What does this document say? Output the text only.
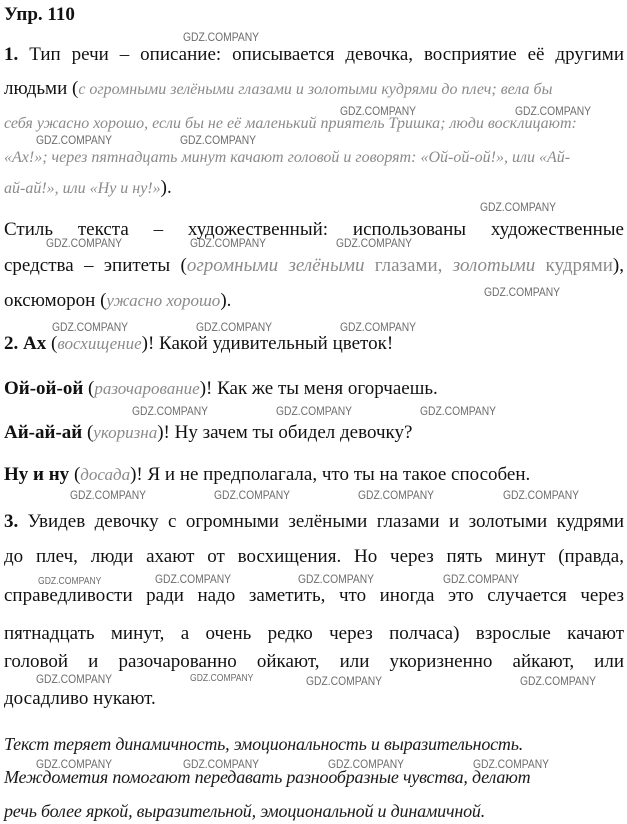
Упр. 110
1. Тип речи – описание: описывается девочка, восприятие её другими
людьми (с огромными зелёными глазами и золотыми кудрями до плеч; вела бы
себя ужасно хорошо, если бы не её маленький приятель Тришка; люди восклицают:
«Ах!»; через пятнадцать минут качают головой и говорят: «Ой-ой-ой!», или «Ай-
ай-ай!», или «Ну и ну!»).
Стиль текста – художественный: использованы художественные
средства – эпитеты (огромными зелёными глазами, золотыми кудрями),
оксюморон (ужасно хорошо).
2. Ах (восхищение)! Какой удивительный цветок!
Ой-ой-ой (разочарование)! Как же ты меня огорчаешь.
Ай-ай-ай (укоризна)! Ну зачем ты обидел девочку?
Ну и ну (досада)! Я и не предполагала, что ты на такое способен.
3. Увидев девочку с огромными зелёными глазами и золотыми кудрями
до плеч, люди ахают от восхищения. Но через пять минут (правда,
справедливости ради надо заметить, что иногда это случается через
пятнадцать минут, а очень редко через полчаса) взрослые качают
головой и разочарованно ойкают, или укоризненно айкают, или
досадливо нукают.
Текст теряет динамичность, эмоциональность и выразительность.
Междометия помогают передавать разнообразные чувства, делают
речь более яркой, выразительной, эмоциональной и динамичной.
GDZ.COMPANY
GDZ.COMPANY	GDZ.COMPANY
GDZ.COMPANY	GDZ.COMPANY
GDZ.COMPANY
GDZ.COMPANY	GDZ.COMPANY	GDZ.COMPANY
GDZ.COMPANY
GDZ.COMPANY	GDZ.COMPANY	GDZ.COMPANY
GDZ.COMPANY	GDZ.COMPANY	GDZ.COMPANY
GDZ.COMPANY	GDZ.COMPANY	GDZ.COMPANY	GDZ.COMPANY
GDZ.COMPANY	GDZ.COMPANY	GDZ.COMPANY	GDZ.COMPANY
GDZ.COMPANY	GDZ.COMPANY	GDZ.COMPANY	GDZ.COMPANY
GDZ.COMPANY	GDZ.COMPANY	GDZ.COMPANY	GDZ.COMPANY
